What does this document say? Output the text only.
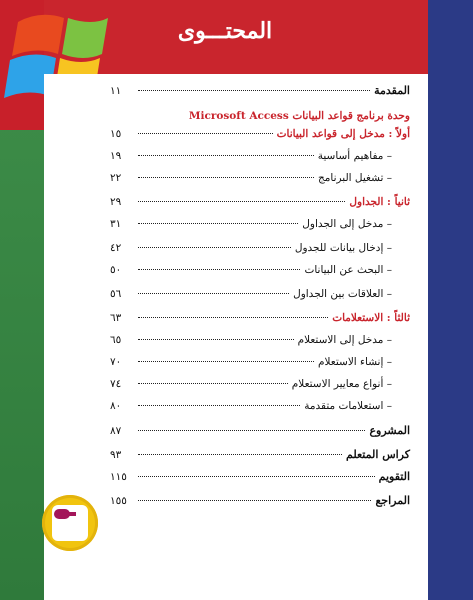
المحتـــوى
المقدمة
١١
أولاً : مدخل إلى قواعد البيانات
١٥
– مفاهيم أساسية
١٩
– تشغيل البرنامج
٢٢
ثانياً : الجداول
٢٩
– مدخل إلى الجداول
٣١
– إدخال بيانات للجدول
٤٢
– البحث عن البيانات
٥٠
– العلاقات بين الجداول
٥٦
ثالثاً : الاستعلامات
٦٣
– مدخل إلى الاستعلام
٦٥
– إنشاء الاستعلام
٧٠
– أنواع معايير الاستعلام
٧٤
– استعلامات متقدمة
٨٠
المشروع
٨٧
كراس المتعلم
٩٣
التقويم
١١٥
المراجع
١٥٥
وحدة برنامج قواعد البيانات Microsoft Access
